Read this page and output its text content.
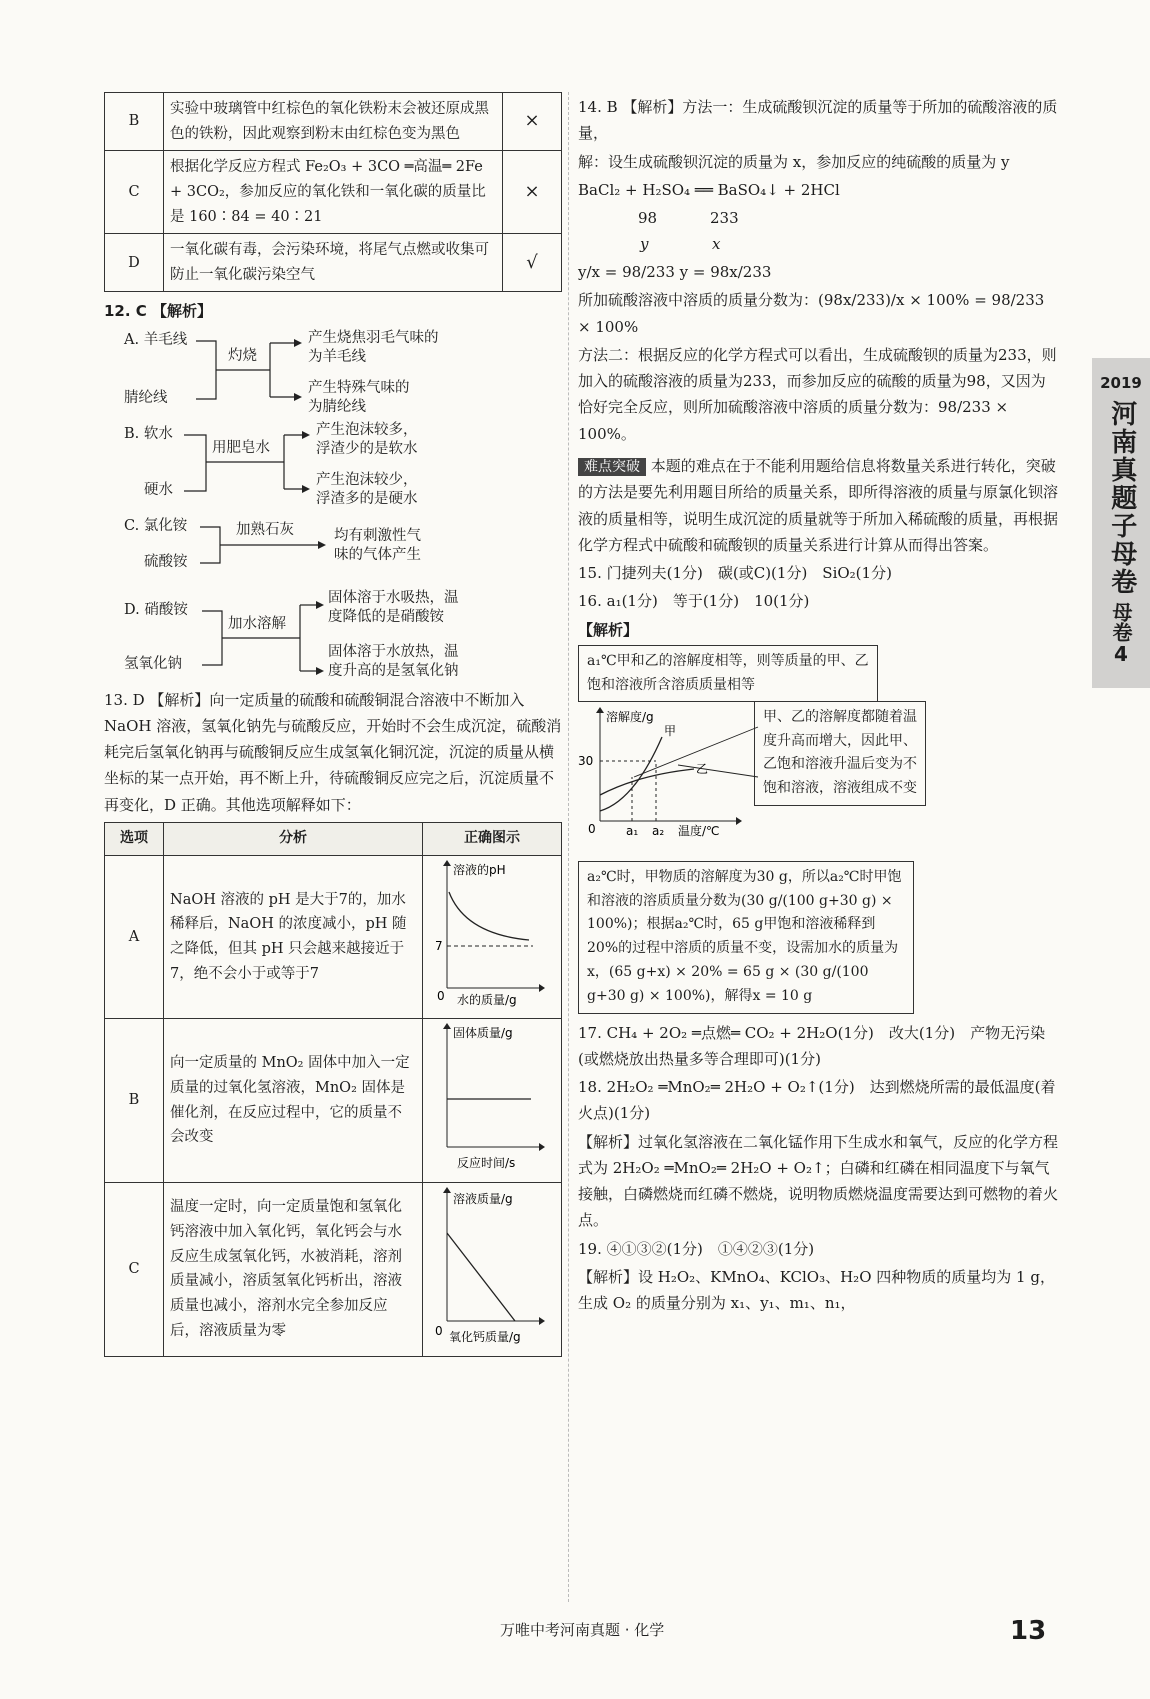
B	实验中玻璃管中红棕色的氧化铁粉末会被还原成黑色的铁粉，因此观察到粉末由红棕色变为黑色	×
C	根据化学反应方程式 Fe₂O₃ + 3CO ═高温═ 2Fe + 3CO₂，参加反应的氧化铁和一氧化碳的质量比是 160∶84 = 40∶21	×
D	一氧化碳有毒，会污染环境，将尾气点燃或收集可防止一氧化碳污染空气	√
12. C 【解析】
A. 羊毛线
腈纶线
灼烧
产生烧焦羽毛气味的
为羊毛线
产生特殊气味的
为腈纶线
B. 软水
硬水
用肥皂水
产生泡沫较多，
浮渣少的是软水
产生泡沫较少，
浮渣多的是硬水
C. 氯化铵
硫酸铵
加熟石灰	均有刺激性气
味的气体产生
D. 硝酸铵
氢氧化钠
加水溶解
固体溶于水吸热，温
度降低的是硝酸铵
固体溶于水放热，温
度升高的是氢氧化钠
13. D 【解析】向一定质量的硫酸和硫酸铜混合溶液中不断加入 NaOH 溶液，氢氧化钠先与硫酸反应，开始时不会生成沉淀，硫酸消耗完后氢氧化钠再与硫酸铜反应生成氢氧化铜沉淀，沉淀的质量从横坐标的某一点开始，再不断上升，待硫酸铜反应完之后，沉淀质量不再变化，D 正确。其他选项解释如下：
选项	分析	正确图示
A	NaOH 溶液的 pH 是大于7的，加水稀释后，NaOH 的浓度减小，pH 随之降低，但其 pH 只会越来越接近于7，绝不会小于或等于7	溶液的pH
7
0 水的质量/g

B	向一定质量的 MnO₂ 固体中加入一定质量的过氧化氢溶液，MnO₂ 固体是催化剂，在反应过程中，它的质量不会改变	固体质量/g
反应时间/s

C	温度一定时，向一定质量饱和氢氧化钙溶液中加入氧化钙，氧化钙会与水反应生成氢氧化钙，水被消耗，溶剂质量减小，溶质氢氧化钙析出，溶液质量也减小，溶剂水完全参加反应后，溶液质量为零	溶液质量/g
0 氧化钙质量/g
14. B 【解析】方法一：生成硫酸钡沉淀的质量等于所加的硫酸溶液的质量，
解：设生成硫酸钡沉淀的质量为 x，参加反应的纯硫酸的质量为 y
BaCl₂ + H₂SO₄ ══ BaSO₄↓ + 2HCl
98	233
y	x
y/x = 98/233 y = 98x/233
所加硫酸溶液中溶质的质量分数为：(98x/233)/x × 100% = 98/233 × 100%
方法二：根据反应的化学方程式可以看出，生成硫酸钡的质量为233，则加入的硫酸溶液的质量为233，而参加反应的硫酸的质量为98，又因为恰好完全反应，则所加硫酸溶液中溶质的质量分数为：98/233 × 100%。
难点突破 本题的难点在于不能利用题给信息将数量关系进行转化，突破的方法是要先利用题目所给的质量关系，即所得溶液的质量与原氯化钡溶液的质量相等，说明生成沉淀的质量就等于所加入稀硫酸的质量，再根据化学方程式中硫酸和硫酸钡的质量关系进行计算从而得出答案。
15. 门捷列夫(1分)　碳(或C)(1分)　SiO₂(1分)
16. a₁(1分)　等于(1分)　10(1分)
【解析】
a₁℃甲和乙的溶解度相等，则等质量的甲、乙饱和溶液所含溶质质量相等
甲、乙的溶解度都随着温度升高而增大，因此甲、乙饱和溶液升温后变为不饱和溶液，溶液组成不变
溶解度/g
30
0	a₁ a₂ 温度/℃
甲
乙
a₂℃时，甲物质的溶解度为30 g，所以a₂℃时甲饱和溶液的溶质质量分数为(30 g/(100 g+30 g) × 100%)；根据a₂℃时，65 g甲饱和溶液稀释到20%的过程中溶质的质量不变，设需加水的质量为x，(65 g+x) × 20% = 65 g × (30 g/(100 g+30 g) × 100%)，解得x = 10 g
17. CH₄ + 2O₂ ═点燃═ CO₂ + 2H₂O(1分)　改大(1分)　产物无污染(或燃烧放出热量多等合理即可)(1分)
18. 2H₂O₂ ═MnO₂═ 2H₂O + O₂↑(1分)　达到燃烧所需的最低温度(着火点)(1分)
【解析】过氧化氢溶液在二氧化锰作用下生成水和氧气，反应的化学方程式为 2H₂O₂ ═MnO₂═ 2H₂O + O₂↑；白磷和红磷在相同温度下与氧气接触，白磷燃烧而红磷不燃烧，说明物质燃烧温度需要达到可燃物的着火点。
19. ④①③②(1分)　①④②③(1分)
【解析】设 H₂O₂、KMnO₄、KClO₃、H₂O 四种物质的质量均为 1 g，生成 O₂ 的质量分别为 x₁、y₁、m₁、n₁，
2019
河南真题子母卷
母卷
4
万唯中考河南真题 · 化学	13
